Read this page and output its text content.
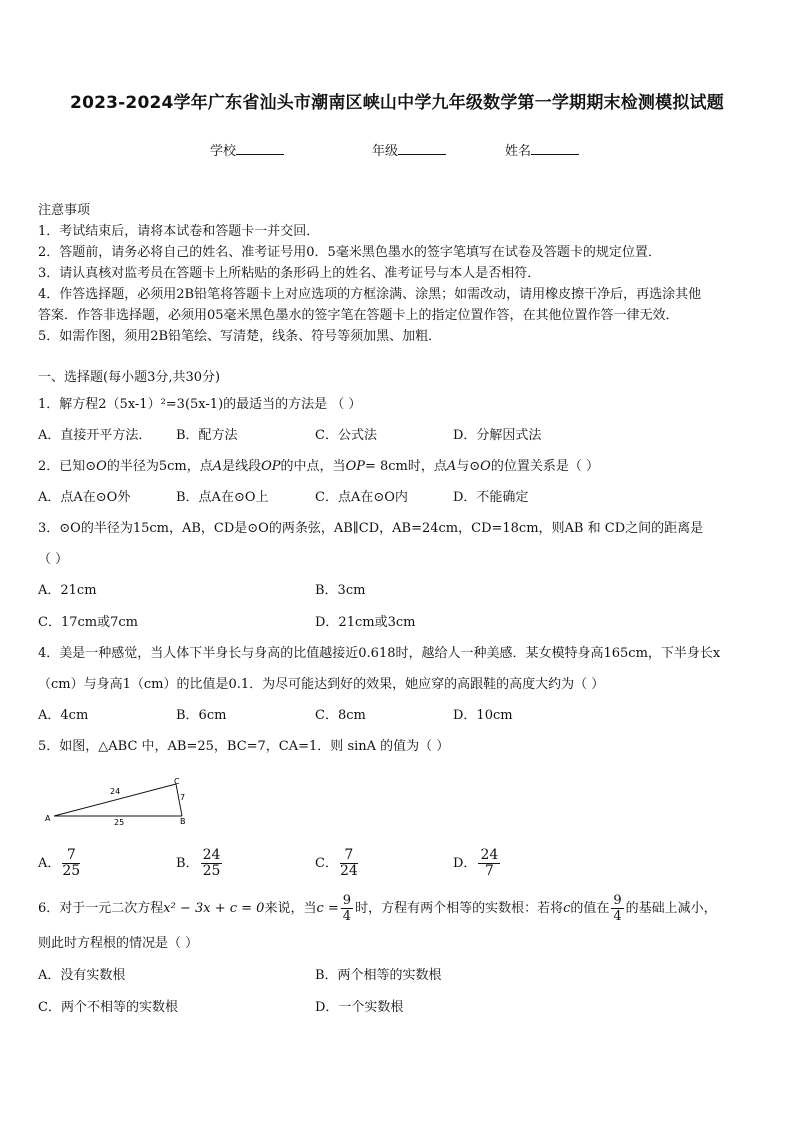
2023-2024学年广东省汕头市潮南区峡山中学九年级数学第一学期期末检测模拟试题
学校	年级	姓名
注意事项
1．考试结束后，请将本试卷和答题卡一并交回．
2．答题前，请务必将自己的姓名、准考证号用0．5毫米黑色墨水的签字笔填写在试卷及答题卡的规定位置．
3．请认真核对监考员在答题卡上所粘贴的条形码上的姓名、准考证号与本人是否相符．
4．作答选择题，必须用2B铅笔将答题卡上对应选项的方框涂满、涂黑；如需改动，请用橡皮擦干净后，再选涂其他
答案．作答非选择题，必须用05毫米黑色墨水的签字笔在答题卡上的指定位置作答，在其他位置作答一律无效．
5．如需作图，须用2B铅笔绘、写清楚，线条、符号等须加黑、加粗．
一、选择题(每小题3分,共30分)
1．解方程2（5x-1）²=3(5x-1)的最适当的方法是 （ ）
A．直接开平方法． B．配方法	C．公式法	D．分解因式法
2．已知⊙O的半径为5cm，点A是线段OP的中点，当OP= 8cm时，点A与⊙O的位置关系是（ ）
A．点A在⊙O外	B．点A在⊙O上	C．点A在⊙O内	D．不能确定
3．⊙O的半径为15cm，AB，CD是⊙O的两条弦，AB∥CD，AB=24cm，CD=18cm，则AB 和 CD之间的距离是
（ ）
A．21cm	B．3cm
C．17cm或7cm	D．21cm或3cm
4．美是一种感觉，当人体下半身长与身高的比值越接近0.618时，越给人一种美感．某女模特身高165cm，下半身长x
（cm）与身高1（cm）的比值是0.1．为尽可能达到好的效果，她应穿的高跟鞋的高度大约为（ ）
A．4cm	B．6cm	C．8cm	D．10cm
5．如图，△ABC 中，AB=25，BC=7，CA=1．则 sinA 的值为（ ）
A	B
C
25
24
7
A． $\frac{7}{25}$	B． $\frac{24}{25}$	C． $\frac{7}{24}$	D． $\frac{24}{7}$
6．对于一元二次方程x² − 3x + c = 0来说，当$c = \frac{9}{4}$ 时，方程有两个相等的实数根：若将c的值在 $\frac{9}{4}$ 的基础上减小，
则此时方程根的情况是（ ）
A．没有实数根	B．两个相等的实数根
C．两个不相等的实数根	D．一个实数根
